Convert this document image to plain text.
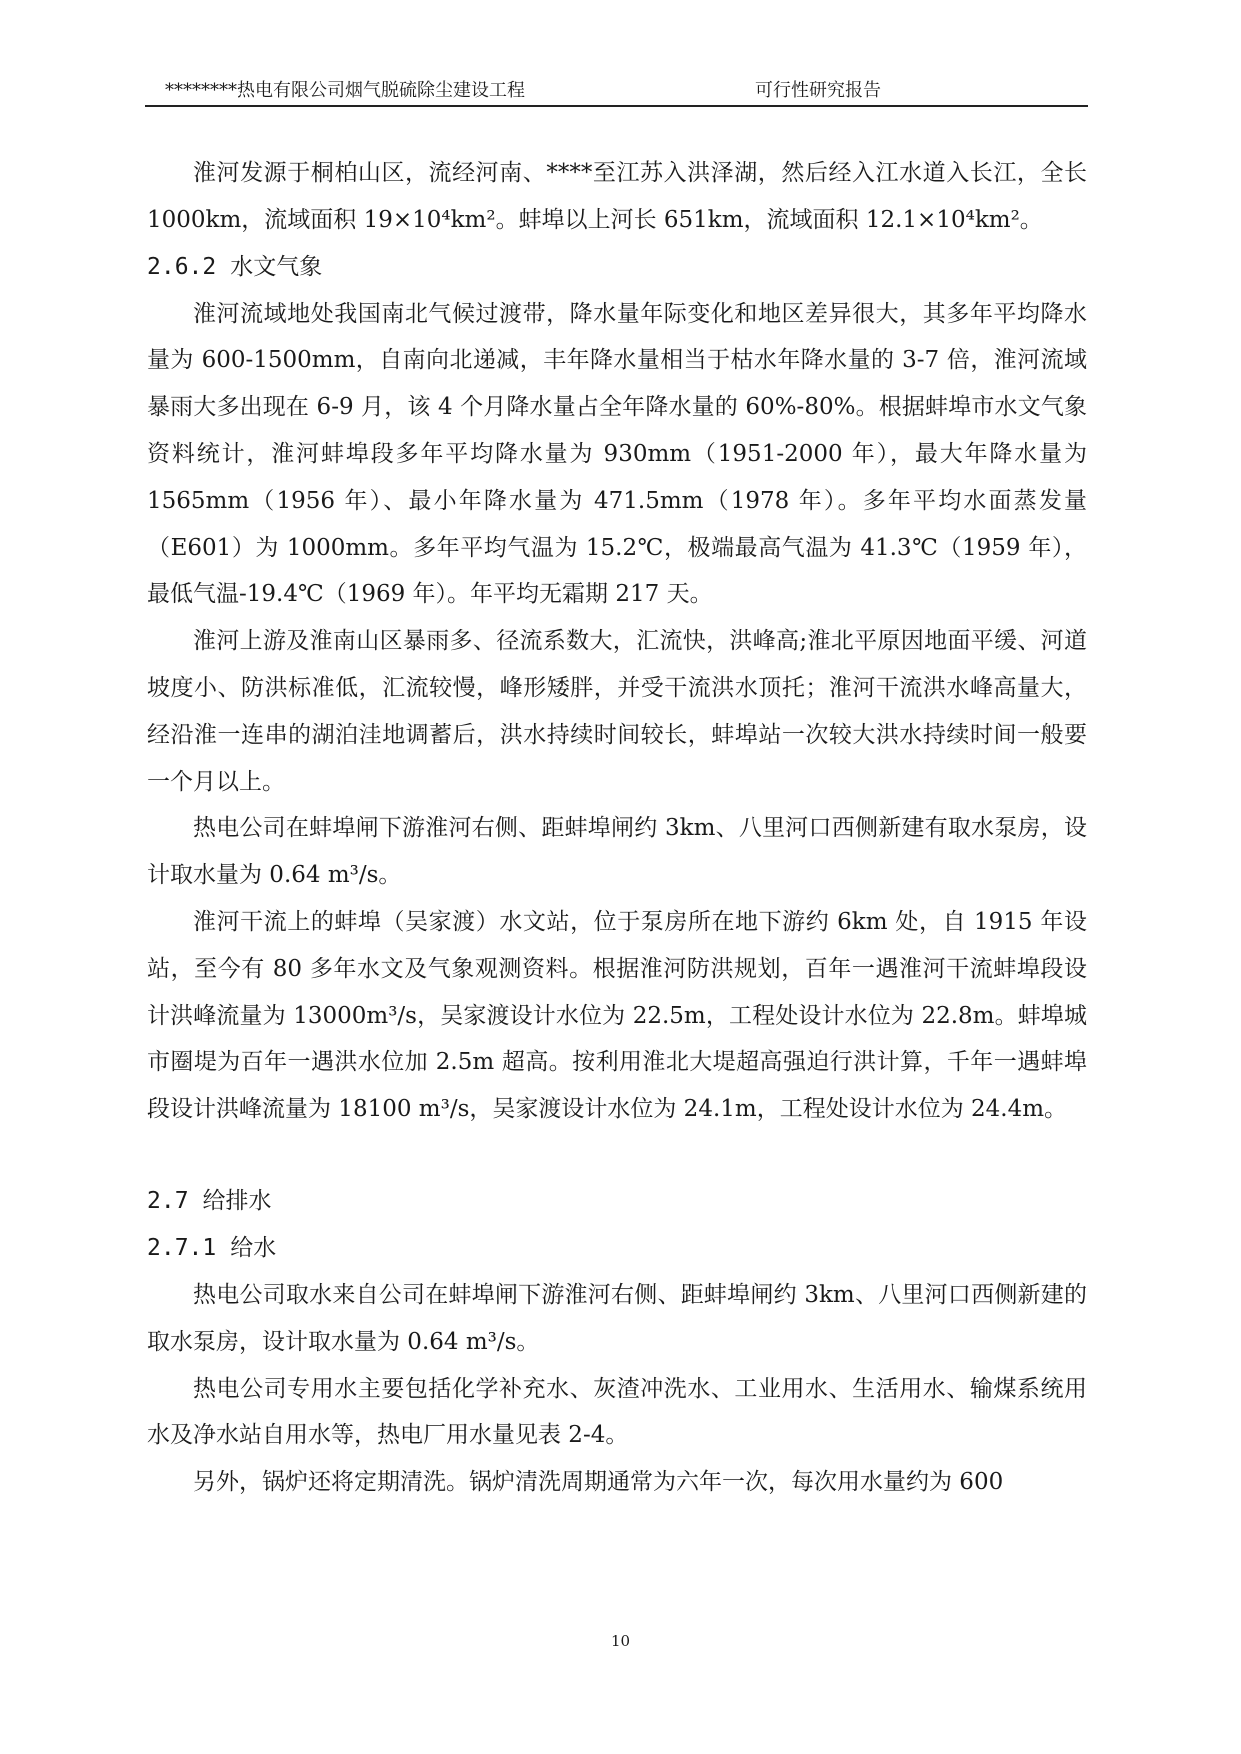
********热电有限公司烟气脱硫除尘建设工程	可行性研究报告

淮河发源于桐柏山区，流经河南、****至江苏入洪泽湖，然后经入江水道入长江，全长 1000km，流域面积 19×10⁴km²。蚌埠以上河长 651km，流域面积 12.1×10⁴km²。

2.6.2 水文气象

淮河流域地处我国南北气候过渡带，降水量年际变化和地区差异很大，其多年平均降水量为 600-1500mm，自南向北递减，丰年降水量相当于枯水年降水量的 3-7 倍，淮河流域暴雨大多出现在 6-9 月，该 4 个月降水量占全年降水量的 60%-80%。根据蚌埠市水文气象资料统计，淮河蚌埠段多年平均降水量为 930mm（1951-2000 年），最大年降水量为 1565mm（1956 年）、最小年降水量为 471.5mm（1978 年）。多年平均水面蒸发量（E601）为 1000mm。多年平均气温为 15.2℃，极端最高气温为 41.3℃（1959 年），最低气温-19.4℃（1969 年）。年平均无霜期 217 天。

淮河上游及淮南山区暴雨多、径流系数大，汇流快，洪峰高;淮北平原因地面平缓、河道坡度小、防洪标准低，汇流较慢，峰形矮胖，并受干流洪水顶托；淮河干流洪水峰高量大，经沿淮一连串的湖泊洼地调蓄后，洪水持续时间较长，蚌埠站一次较大洪水持续时间一般要一个月以上。

热电公司在蚌埠闸下游淮河右侧、距蚌埠闸约 3km、八里河口西侧新建有取水泵房，设计取水量为 0.64 m³/s。

淮河干流上的蚌埠（吴家渡）水文站，位于泵房所在地下游约 6km 处，自 1915 年设站，至今有 80 多年水文及气象观测资料。根据淮河防洪规划，百年一遇淮河干流蚌埠段设计洪峰流量为 13000m³/s，吴家渡设计水位为 22.5m，工程处设计水位为 22.8m。蚌埠城市圈堤为百年一遇洪水位加 2.5m 超高。按利用淮北大堤超高强迫行洪计算，千年一遇蚌埠段设计洪峰流量为 18100 m³/s，吴家渡设计水位为 24.1m，工程处设计水位为 24.4m。

2.7 给排水

2.7.1 给水

热电公司取水来自公司在蚌埠闸下游淮河右侧、距蚌埠闸约 3km、八里河口西侧新建的取水泵房，设计取水量为 0.64 m³/s。

热电公司专用水主要包括化学补充水、灰渣冲洗水、工业用水、生活用水、输煤系统用水及净水站自用水等，热电厂用水量见表 2-4。

另外，锅炉还将定期清洗。锅炉清洗周期通常为六年一次，每次用水量约为 600

10
